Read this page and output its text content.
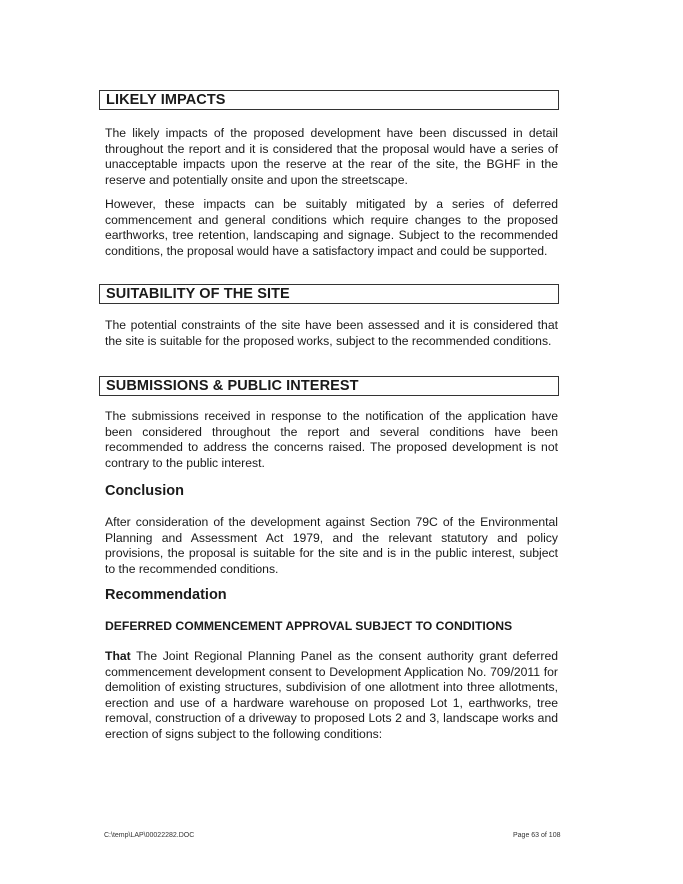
LIKELY IMPACTS

The likely impacts of the proposed development have been discussed in detail throughout the report and it is considered that the proposal would have a series of unacceptable impacts upon the reserve at the rear of the site, the BGHF in the reserve and potentially onsite and upon the streetscape.

However, these impacts can be suitably mitigated by a series of deferred commencement and general conditions which require changes to the proposed earthworks, tree retention, landscaping and signage. Subject to the recommended conditions, the proposal would have a satisfactory impact and could be supported.

SUITABILITY OF THE SITE

The potential constraints of the site have been assessed and it is considered that the site is suitable for the proposed works, subject to the recommended conditions.

SUBMISSIONS & PUBLIC INTEREST

The submissions received in response to the notification of the application have been considered throughout the report and several conditions have been recommended to address the concerns raised. The proposed development is not contrary to the public interest.

Conclusion

After consideration of the development against Section 79C of the Environmental Planning and Assessment Act 1979, and the relevant statutory and policy provisions, the proposal is suitable for the site and is in the public interest, subject to the recommended conditions.

Recommendation
DEFERRED COMMENCEMENT APPROVAL SUBJECT TO CONDITIONS

That The Joint Regional Planning Panel as the consent authority grant deferred commencement development consent to Development Application No. 709/2011 for demolition of existing structures, subdivision of one allotment into three allotments, erection and use of a hardware warehouse on proposed Lot 1, earthworks, tree removal, construction of a driveway to proposed Lots 2 and 3, landscape works and erection of signs subject to the following conditions:

C:\temp\LAP\00022282.DOC	Page 63 of 108
